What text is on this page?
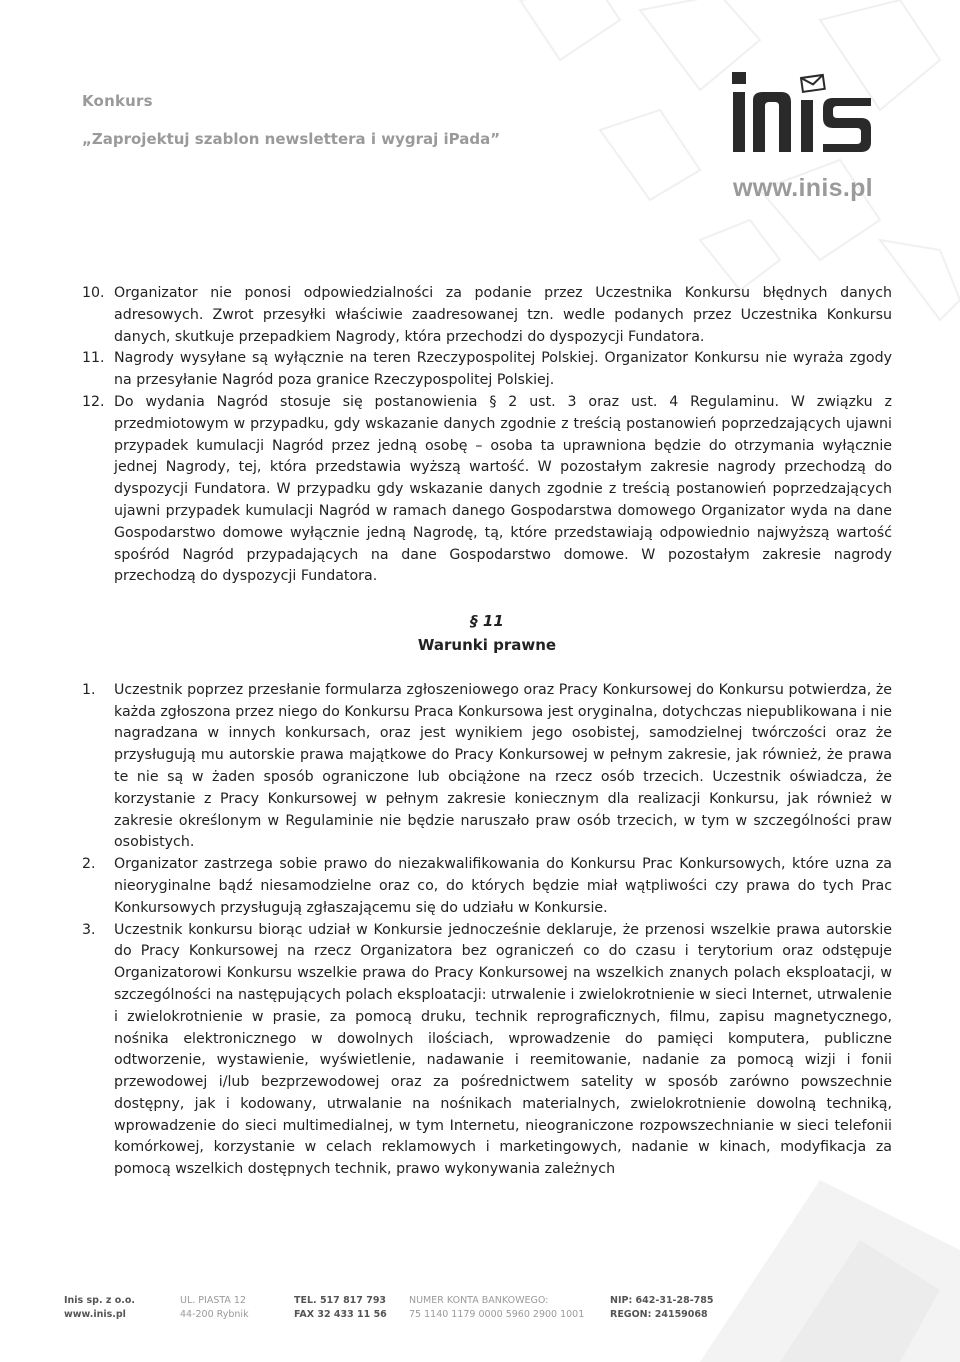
Konkurs
„Zaprojektuj szablon newslettera i wygraj iPada”
www.inis.pl
10. Organizator nie ponosi odpowiedzialności za podanie przez Uczestnika Konkursu błędnych danych adresowych. Zwrot przesyłki właściwie zaadresowanej tzn. wedle podanych przez Uczestnika Konkursu danych, skutkuje przepadkiem Nagrody, która przechodzi do dyspozycji Fundatora.
11. Nagrody wysyłane są wyłącznie na teren Rzeczypospolitej Polskiej. Organizator Konkursu nie wyraża zgody na przesyłanie Nagród poza granice Rzeczypospolitej Polskiej.
12. Do wydania Nagród stosuje się postanowienia § 2 ust. 3 oraz ust. 4 Regulaminu. W związku z przedmiotowym w przypadku, gdy wskazanie danych zgodnie z treścią postanowień poprzedzających ujawni przypadek kumulacji Nagród przez jedną osobę – osoba ta uprawniona będzie do otrzymania wyłącznie jednej Nagrody, tej, która przedstawia wyższą wartość. W pozostałym zakresie nagrody przechodzą do dyspozycji Fundatora. W przypadku gdy wskazanie danych zgodnie z treścią postanowień poprzedzających ujawni przypadek kumulacji Nagród w ramach danego Gospodarstwa domowego Organizator wyda na dane Gospodarstwo domowe wyłącznie jedną Nagrodę, tą, które przedstawiają odpowiednio najwyższą wartość spośród Nagród przypadających na dane Gospodarstwo domowe. W pozostałym zakresie nagrody przechodzą do dyspozycji Fundatora.
§ 11
Warunki prawne
1. Uczestnik poprzez przesłanie formularza zgłoszeniowego oraz Pracy Konkursowej do Konkursu potwierdza, że każda zgłoszona przez niego do Konkursu Praca Konkursowa jest oryginalna, dotychczas niepublikowana i nie nagradzana w innych konkursach, oraz jest wynikiem jego osobistej, samodzielnej twórczości oraz że przysługują mu autorskie prawa majątkowe do Pracy Konkursowej w pełnym zakresie, jak również, że prawa te nie są w żaden sposób ograniczone lub obciążone na rzecz osób trzecich. Uczestnik oświadcza, że korzystanie z Pracy Konkursowej w pełnym zakresie koniecznym dla realizacji Konkursu, jak również w zakresie określonym w Regulaminie nie będzie naruszało praw osób trzecich, w tym w szczególności praw osobistych.
2. Organizator zastrzega sobie prawo do niezakwalifikowania do Konkursu Prac Konkursowych, które uzna za nieoryginalne bądź niesamodzielne oraz co, do których będzie miał wątpliwości czy prawa do tych Prac Konkursowych przysługują zgłaszającemu się do udziału w Konkursie.
3. Uczestnik konkursu biorąc udział w Konkursie jednocześnie deklaruje, że przenosi wszelkie prawa autorskie do Pracy Konkursowej na rzecz Organizatora bez ograniczeń co do czasu i terytorium oraz odstępuje Organizatorowi Konkursu wszelkie prawa do Pracy Konkursowej na wszelkich znanych polach eksploatacji, w szczególności na następujących polach eksploatacji: utrwalenie i zwielokrotnienie w sieci Internet, utrwalenie i zwielokrotnienie w prasie, za pomocą druku, technik reprograficznych, filmu, zapisu magnetycznego, nośnika elektronicznego w dowolnych ilościach, wprowadzenie do pamięci komputera, publiczne odtworzenie, wystawienie, wyświetlenie, nadawanie i reemitowanie, nadanie za pomocą wizji i fonii przewodowej i/lub bezprzewodowej oraz za pośrednictwem satelity w sposób zarówno powszechnie dostępny, jak i kodowany, utrwalanie na nośnikach materialnych, zwielokrotnienie dowolną techniką, wprowadzenie do sieci multimedialnej, w tym Internetu, nieograniczone rozpowszechnianie w sieci telefonii komórkowej, korzystanie w celach reklamowych i marketingowych, nadanie w kinach, modyfikacja za pomocą wszelkich dostępnych technik, prawo wykonywania zależnych
Inis sp. z o.o.
www.inis.pl
UL. PIASTA 12
44-200 Rybnik
TEL. 517 817 793
FAX 32 433 11 56
NUMER KONTA BANKOWEGO:
75 1140 1179 0000 5960 2900 1001
NIP: 642-31-28-785
REGON: 24159068
